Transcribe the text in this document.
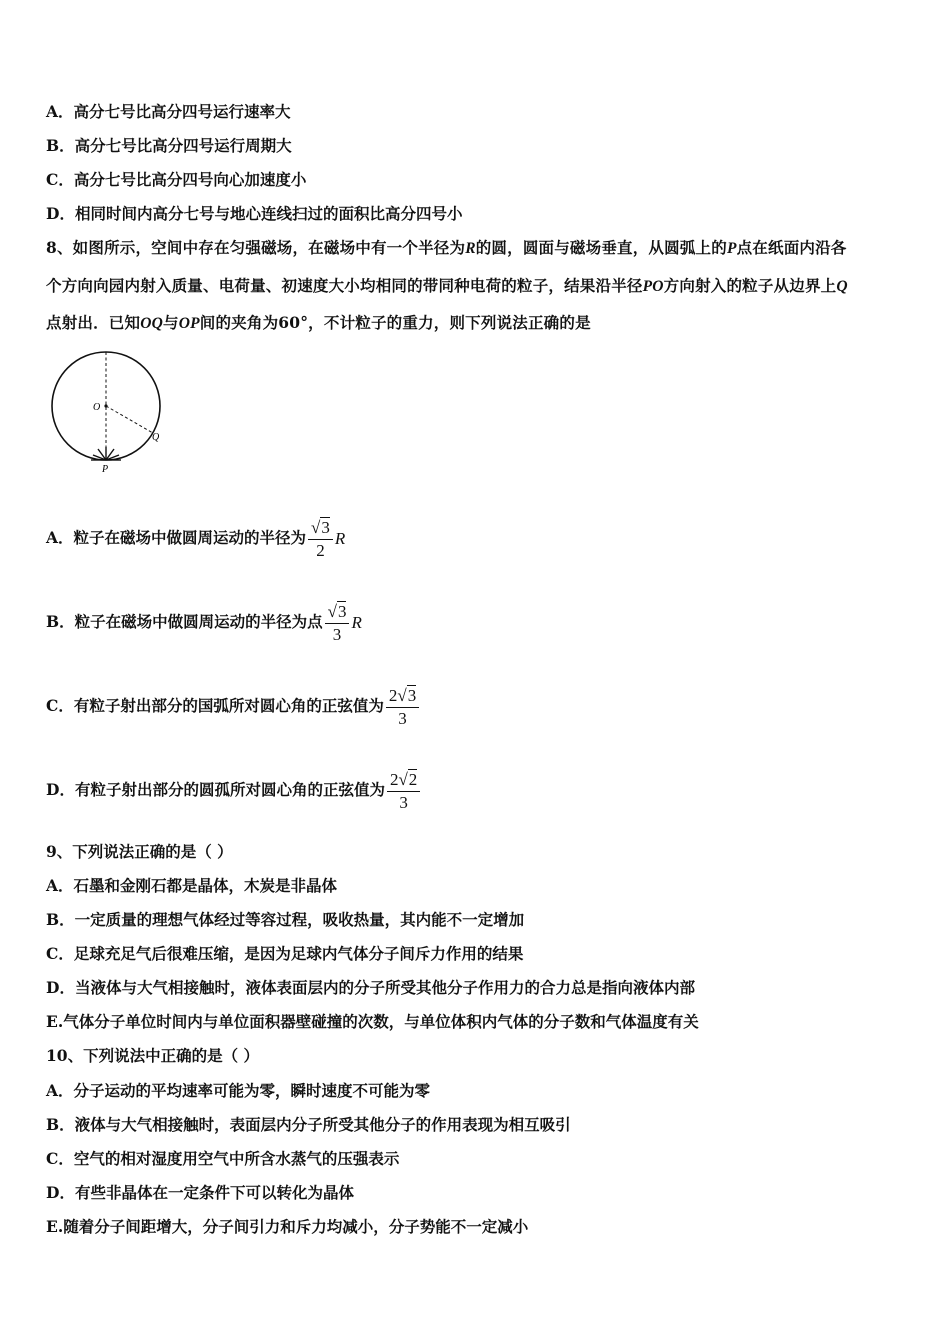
A．高分七号比高分四号运行速率大
B．高分七号比高分四号运行周期大
C．高分七号比高分四号向心加速度小
D．相同时间内高分七号与地心连线扫过的面积比高分四号小
8、如图所示，空间中存在匀强磁场，在磁场中有一个半径为R的圆，圆面与磁场垂直，从圆弧上的P点在纸面内沿各
个方向向园内射入质量、电荷量、初速度大小均相同的带同种电荷的粒子，结果沿半径PO方向射入的粒子从边界上Q
点射出．已知OQ与OP间的夹角为60°，不计粒子的重力，则下列说法正确的是
O
Q
P
A．粒子在磁场中做圆周运动的半径为 $\frac{√3}{2}$ R
B．粒子在磁场中做圆周运动的半径为点 $\frac{√3}{3}$ R
C．有粒子射出部分的国弧所对圆心角的正弦值为 $\frac{2√3}{3}$
D．有粒子射出部分的圆孤所对圆心角的正弦值为 $\frac{2√2}{3}$
9、下列说法正确的是（ ）
A．石墨和金刚石都是晶体，木炭是非晶体
B．一定质量的理想气体经过等容过程，吸收热量，其内能不一定增加
C．足球充足气后很难压缩，是因为足球内气体分子间斥力作用的结果
D．当液体与大气相接触时，液体表面层内的分子所受其他分子作用力的合力总是指向液体内部
E.气体分子单位时间内与单位面积器壁碰撞的次数，与单位体积内气体的分子数和气体温度有关
10、下列说法中正确的是（ ）
A．分子运动的平均速率可能为零，瞬时速度不可能为零
B．液体与大气相接触时，表面层内分子所受其他分子的作用表现为相互吸引
C．空气的相对湿度用空气中所含水蒸气的压强表示
D．有些非晶体在一定条件下可以转化为晶体
E.随着分子间距增大，分子间引力和斥力均减小，分子势能不一定减小
